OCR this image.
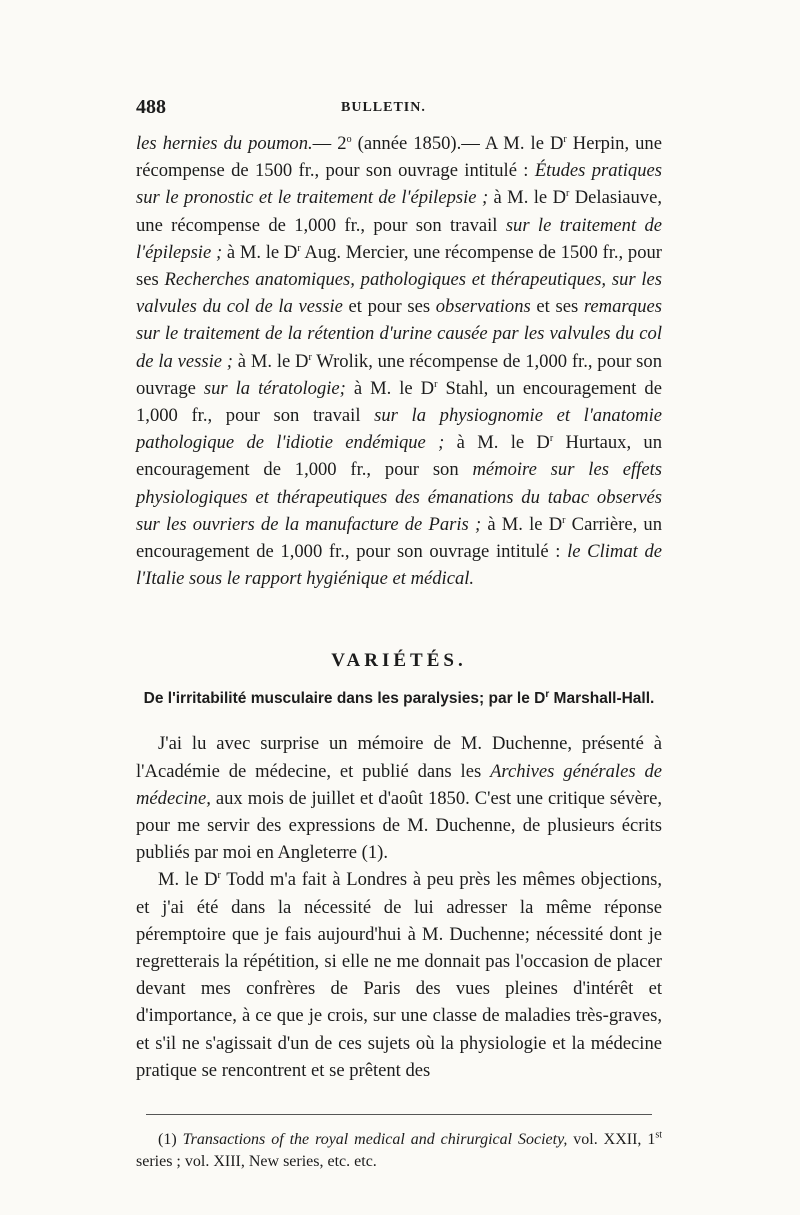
488	BULLETIN.

les hernies du poumon.— 2$^o$ (année 1850).— A M. le $D^r$ Herpin, une récompense de 1500 fr., pour son ouvrage intitulé : Études pratiques sur le pronostic et le traitement de l'épilepsie ; à M. le $D^r$ Delasiauve, une récompense de 1,000 fr., pour son travail sur le traitement de l'épilepsie ; à M. le $D^r$ Aug. Mercier, une récompense de 1500 fr., pour ses Recherches anatomiques, pathologiques et thérapeutiques, sur les valvules du col de la vessie et pour ses observations et ses remarques sur le traitement de la rétention d'urine causée par les valvules du col de la vessie ; à M. le $D^r$ Wrolik, une récompense de 1,000 fr., pour son ouvrage sur la tératologie; à M. le $D^r$ Stahl, un encouragement de 1,000 fr., pour son travail sur la physiognomie et l'anatomie pathologique de l'idiotie endémique ; à M. le $D^r$ Hurtaux, un encouragement de 1,000 fr., pour son mémoire sur les effets physiologiques et thérapeutiques des émanations du tabac observés sur les ouvriers de la manufacture de Paris ; à M. le $D^r$ Carrière, un encouragement de 1,000 fr., pour son ouvrage intitulé : le Climat de l'Italie sous le rapport hygiénique et médical.

VARIÉTÉS.
De l'irritabilité musculaire dans les paralysies; par le $D^r$ Marshall-Hall.

J'ai lu avec surprise un mémoire de M. Duchenne, présenté à l'Académie de médecine, et publié dans les Archives générales de médecine, aux mois de juillet et d'août 1850. C'est une critique sévère, pour me servir des expressions de M. Duchenne, de plusieurs écrits publiés par moi en Angleterre (1).

M. le $D^r$ Todd m'a fait à Londres à peu près les mêmes objections, et j'ai été dans la nécessité de lui adresser la même réponse péremptoire que je fais aujourd'hui à M. Duchenne; nécessité dont je regretterais la répétition, si elle ne me donnait pas l'occasion de placer devant mes confrères de Paris des vues pleines d'intérêt et d'importance, à ce que je crois, sur une classe de maladies très-graves, et s'il ne s'agissait d'un de ces sujets où la physiologie et la médecine pratique se rencontrent et se prêtent des

(1) Transactions of the royal medical and chirurgical Society, vol. XXII, 1st series ; vol. XIII, New series, etc. etc.
